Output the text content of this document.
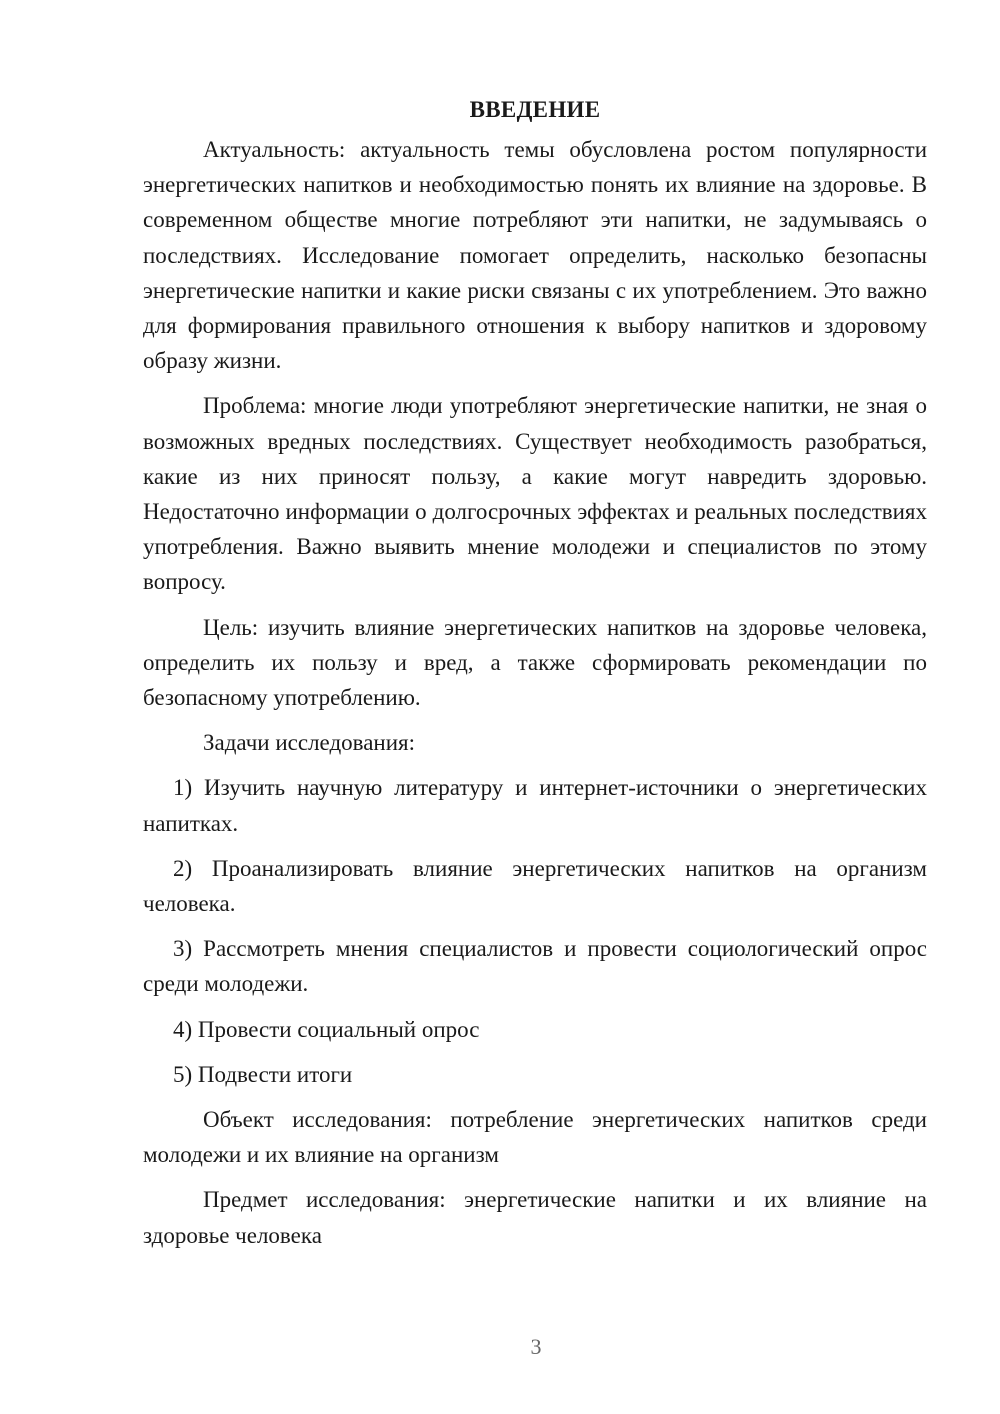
ВВЕДЕНИЕ

Актуальность: актуальность темы обусловлена ростом популярности энергетических напитков и необходимостью понять их влияние на здоровье. В современном обществе многие потребляют эти напитки, не задумываясь о последствиях. Исследование помогает определить, насколько безопасны энергетические напитки и какие риски связаны с их употреблением. Это важно для формирования правильного отношения к выбору напитков и здоровому образу жизни.

Проблема: многие люди употребляют энергетические напитки, не зная о возможных вредных последствиях. Существует необходимость разобраться, какие из них приносят пользу, а какие могут навредить здоровью. Недостаточно информации о долгосрочных эффектах и реальных последствиях употребления. Важно выявить мнение молодежи и специалистов по этому вопросу.

Цель: изучить влияние энергетических напитков на здоровье человека, определить их пользу и вред, а также сформировать рекомендации по безопасному употреблению.

Задачи исследования:

1) Изучить научную литературу и интернет-источники о энергетических напитках.

2) Проанализировать влияние энергетических напитков на организм человека.

3) Рассмотреть мнения специалистов и провести социологический опрос среди молодежи.

4) Провести социальный опрос

5) Подвести итоги

Объект исследования: потребление энергетических напитков среди молодежи и их влияние на организм

Предмет исследования: энергетические напитки и их влияние на здоровье человека

3
